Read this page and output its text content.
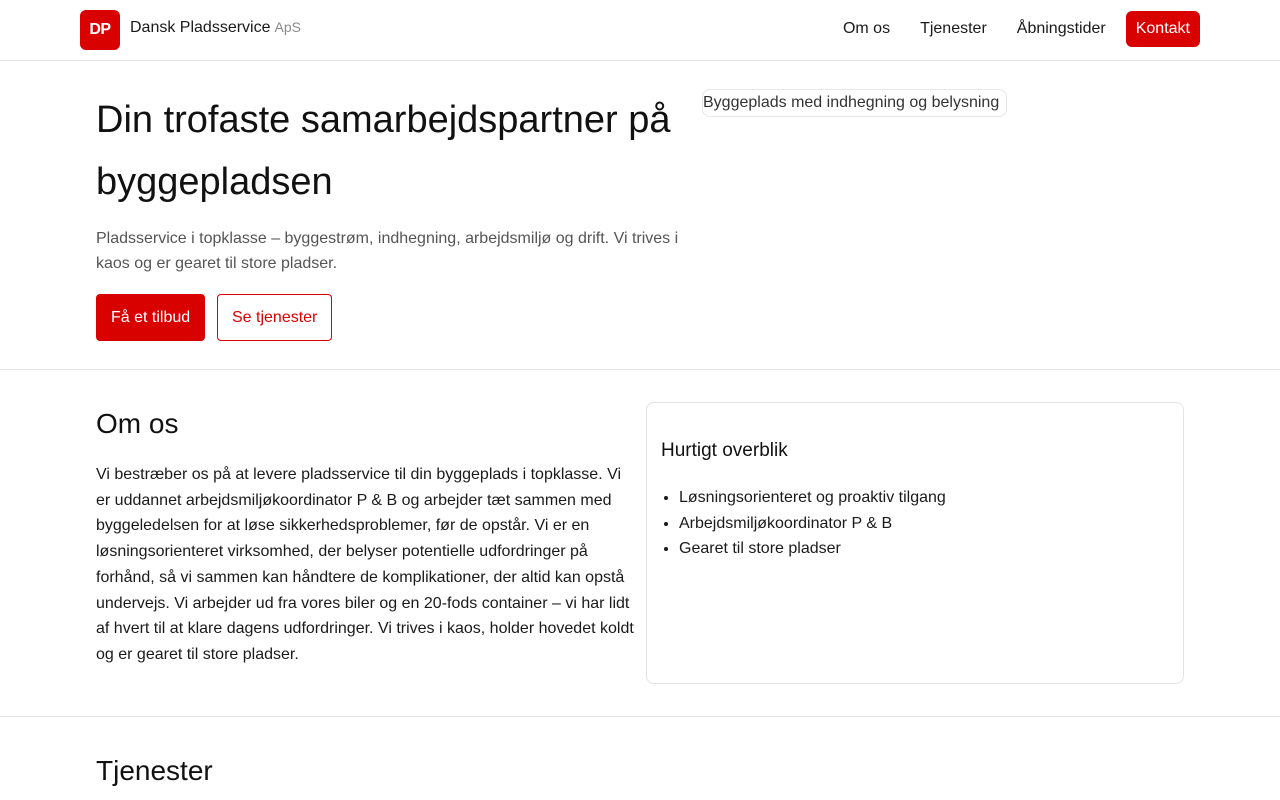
DP	Dansk Pladsservice ApS	Om os Tjenester Åbningstider	Kontakt
Din trofaste samarbejdspartner på byggepladsen

Pladsservice i topklasse – byggestrøm, indhegning, arbejdsmiljø og drift. Vi trives i kaos og er gearet til store pladser.

Få et tilbud	Se tjenester
Byggeplads med indhegning og belysning
Om os

Vi bestræber os på at levere pladsservice til din byggeplads i topklasse. Vi er uddannet arbejdsmiljøkoordinator P & B og arbejder tæt sammen med byggeledelsen for at løse sikkerhedsproblemer, før de opstår. Vi er en løsningsorienteret virksomhed, der belyser potentielle udfordringer på forhånd, så vi sammen kan håndtere de komplikationer, der altid kan opstå undervejs. Vi arbejder ud fra vores biler og en 20-fods container – vi har lidt af hvert til at klare dagens udfordringer. Vi trives i kaos, holder hovedet koldt og er gearet til store pladser.

Hurtigt overblik
• Løsningsorienteret og proaktiv tilgang
• Arbejdsmiljøkoordinator P & B
• Gearet til store pladser
Tjenester
